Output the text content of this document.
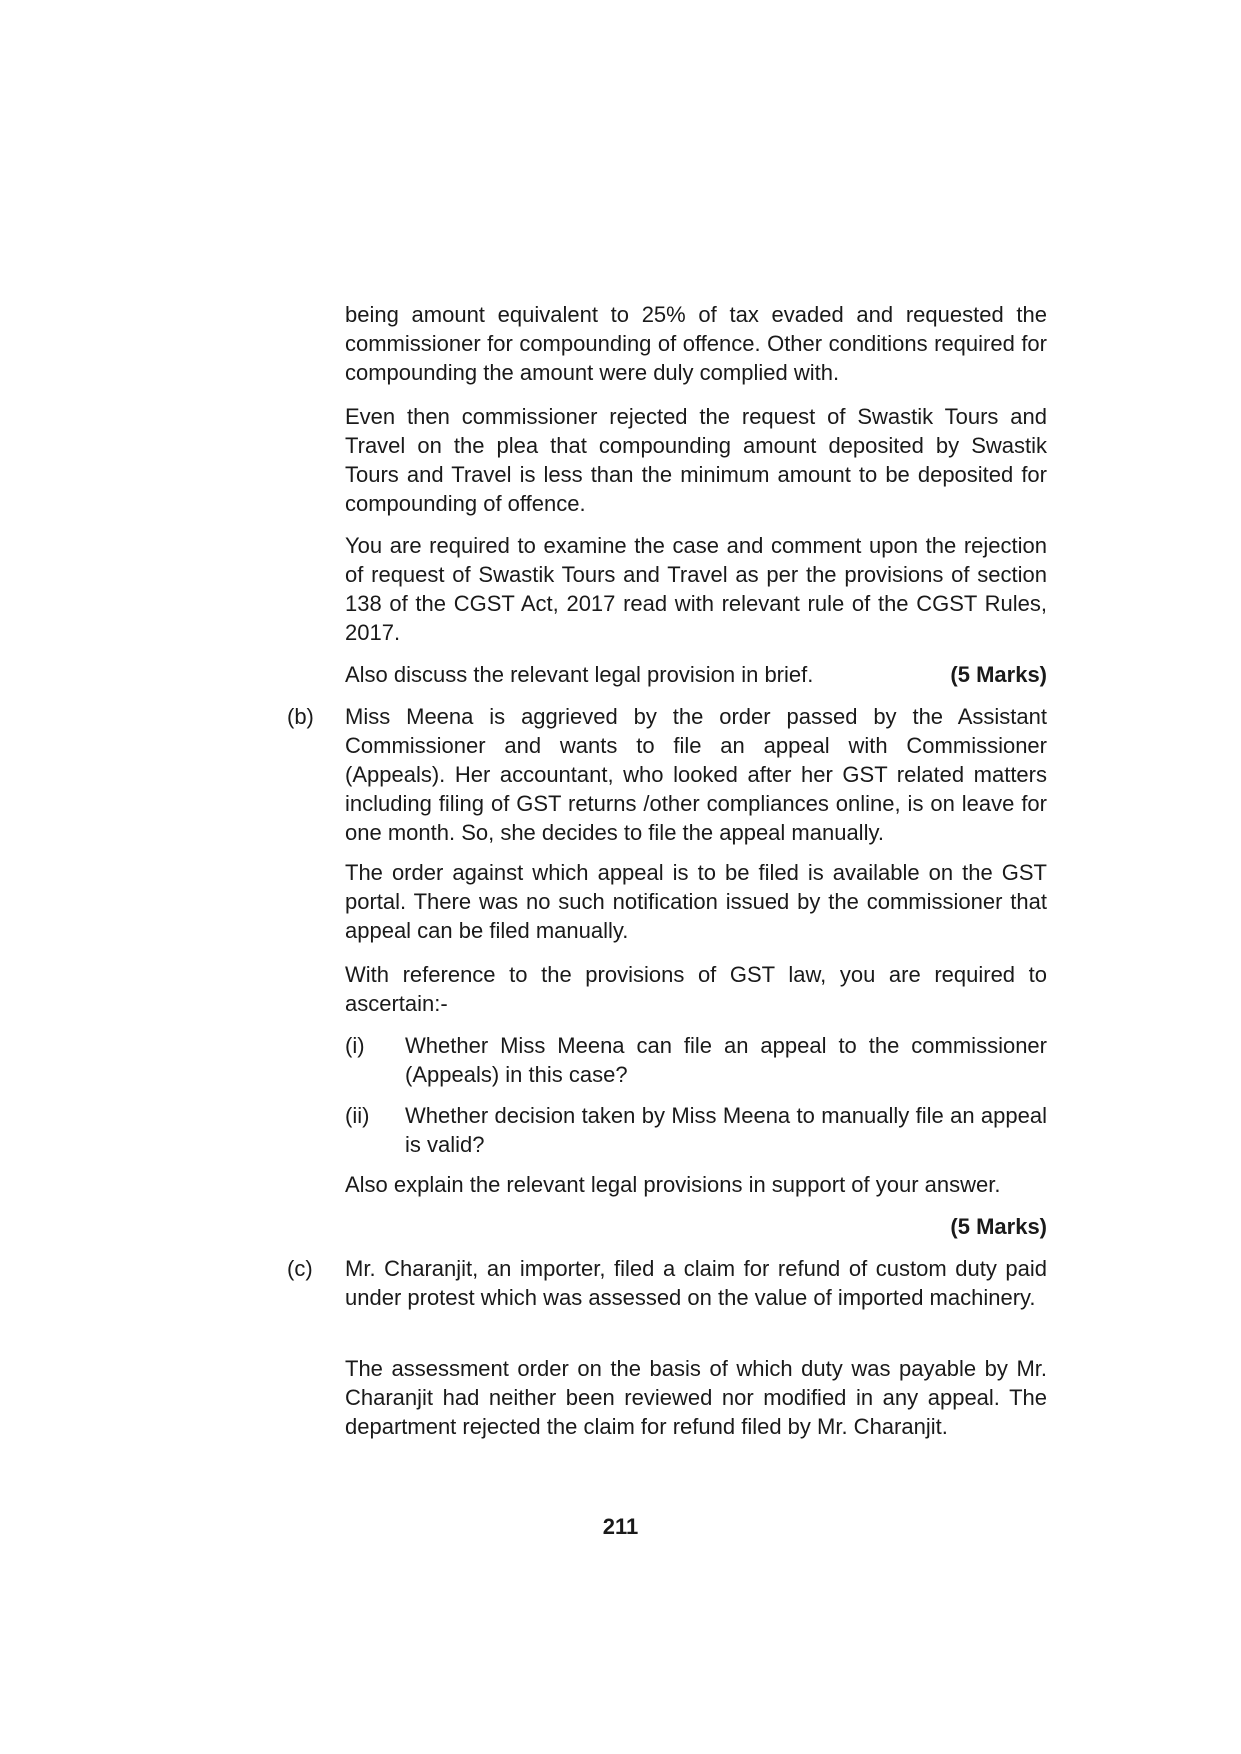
being amount equivalent to 25% of tax evaded and requested the commissioner for compounding of offence. Other conditions required for compounding the amount were duly complied with.
Even then commissioner rejected the request of Swastik Tours and Travel on the plea that compounding amount deposited by Swastik Tours and Travel is less than the minimum amount to be deposited for compounding of offence.
You are required to examine the case and comment upon the rejection of request of Swastik Tours and Travel as per the provisions of section 138 of the CGST Act, 2017 read with relevant rule of the CGST Rules, 2017.
Also discuss the relevant legal provision in brief.	(5 Marks)
(b) Miss Meena is aggrieved by the order passed by the Assistant Commissioner and wants to file an appeal with Commissioner (Appeals). Her accountant, who looked after her GST related matters including filing of GST returns /other compliances online, is on leave for one month. So, she decides to file the appeal manually.
The order against which appeal is to be filed is available on the GST portal. There was no such notification issued by the commissioner that appeal can be filed manually.
With reference to the provisions of GST law, you are required to ascertain:-
(i) Whether Miss Meena can file an appeal to the commissioner (Appeals) in this case?
(ii) Whether decision taken by Miss Meena to manually file an appeal is valid?
Also explain the relevant legal provisions in support of your answer.
(5 Marks)
(c) Mr. Charanjit, an importer, filed a claim for refund of custom duty paid under protest which was assessed on the value of imported machinery.
The assessment order on the basis of which duty was payable by Mr. Charanjit had neither been reviewed nor modified in any appeal. The department rejected the claim for refund filed by Mr. Charanjit.
211
